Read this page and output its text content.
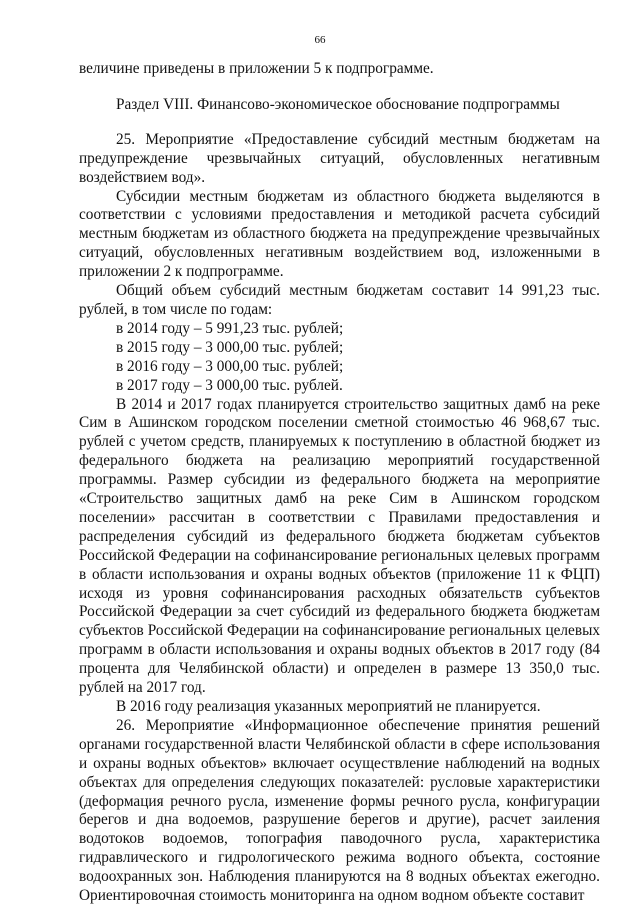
66

величине приведены в приложении 5 к подпрограмме.

Раздел VIII. Финансово-экономическое обоснование подпрограммы

25. Мероприятие «Предоставление субсидий местным бюджетам на предупреждение чрезвычайных ситуаций, обусловленных негативным воздействием вод».

Субсидии местным бюджетам из областного бюджета выделяются в соответствии с условиями предоставления и методикой расчета субсидий местным бюджетам из областного бюджета на предупреждение чрезвычайных ситуаций, обусловленных негативным воздействием вод, изложенными в приложении 2 к подпрограмме.

Общий объем субсидий местным бюджетам составит 14 991,23 тыс. рублей, в том числе по годам:

в 2014 году – 5 991,23 тыс. рублей;
в 2015 году – 3 000,00 тыс. рублей;
в 2016 году – 3 000,00 тыс. рублей;
в 2017 году – 3 000,00 тыс. рублей.

В 2014 и 2017 годах планируется строительство защитных дамб на реке Сим в Ашинском городском поселении сметной стоимостью 46 968,67 тыс. рублей с учетом средств, планируемых к поступлению в областной бюджет из федерального бюджета на реализацию мероприятий государственной программы. Размер субсидии из федерального бюджета на мероприятие «Строительство защитных дамб на реке Сим в Ашинском городском поселении» рассчитан в соответствии с Правилами предоставления и распределения субсидий из федерального бюджета бюджетам субъектов Российской Федерации на софинансирование региональных целевых программ в области использования и охраны водных объектов (приложение 11 к ФЦП) исходя из уровня софинансирования расходных обязательств субъектов Российской Федерации за счет субсидий из федерального бюджета бюджетам субъектов Российской Федерации на софинансирование региональных целевых программ в области использования и охраны водных объектов в 2017 году (84 процента для Челябинской области) и определен в размере 13 350,0 тыс. рублей на 2017 год.

В 2016 году реализация указанных мероприятий не планируется.

26. Мероприятие «Информационное обеспечение принятия решений органами государственной власти Челябинской области в сфере использования и охраны водных объектов» включает осуществление наблюдений на водных объектах для определения следующих показателей: русловые характеристики (деформация речного русла, изменение формы речного русла, конфигурации берегов и дна водоемов, разрушение берегов и другие), расчет заиления водотоков водоемов, топография паводочного русла, характеристика гидравлического и гидрологического режима водного объекта, состояние водоохранных зон. Наблюдения планируются на 8 водных объектах ежегодно. Ориентировочная стоимость мониторинга на одном водном объекте составит
